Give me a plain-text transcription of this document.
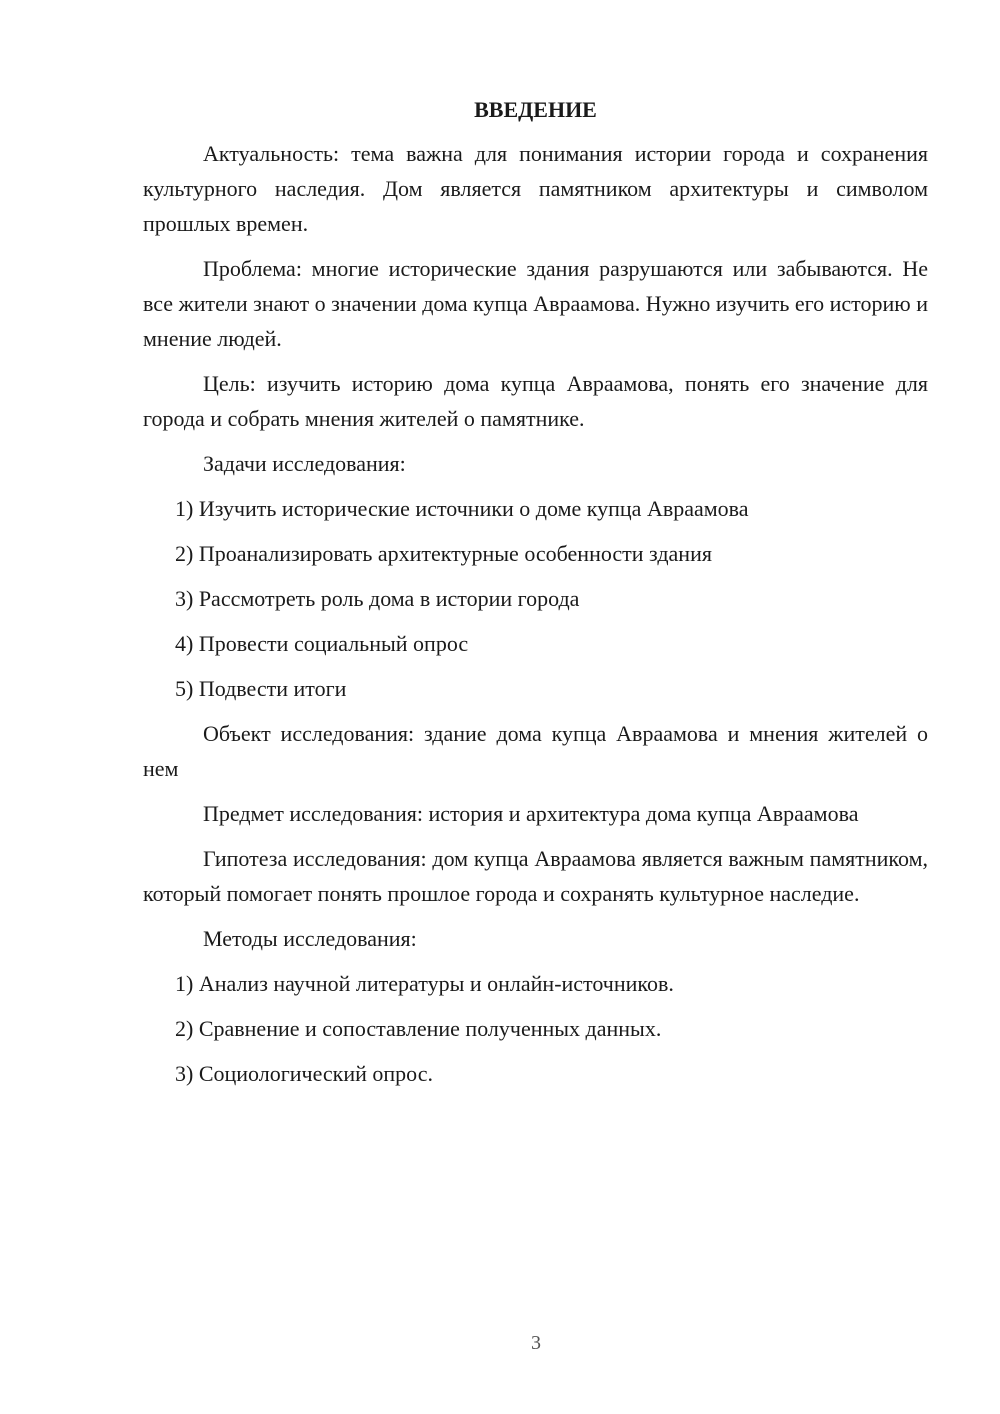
ВВЕДЕНИЕ

Актуальность: тема важна для понимания истории города и сохранения культурного наследия. Дом является памятником архитектуры и символом прошлых времен.

Проблема: многие исторические здания разрушаются или забываются. Не все жители знают о значении дома купца Авраамова. Нужно изучить его историю и мнение людей.

Цель: изучить историю дома купца Авраамова, понять его значение для города и собрать мнения жителей о памятнике.

Задачи исследования:

1) Изучить исторические источники о доме купца Авраамова
2) Проанализировать архитектурные особенности здания
3) Рассмотреть роль дома в истории города
4) Провести социальный опрос
5) Подвести итоги

Объект исследования: здание дома купца Авраамова и мнения жителей о нем

Предмет исследования: история и архитектура дома купца Авраамова

Гипотеза исследования: дом купца Авраамова является важным памятником, который помогает понять прошлое города и сохранять культурное наследие.

Методы исследования:

1) Анализ научной литературы и онлайн-источников.
2) Сравнение и сопоставление полученных данных.
3) Социологический опрос.
3
